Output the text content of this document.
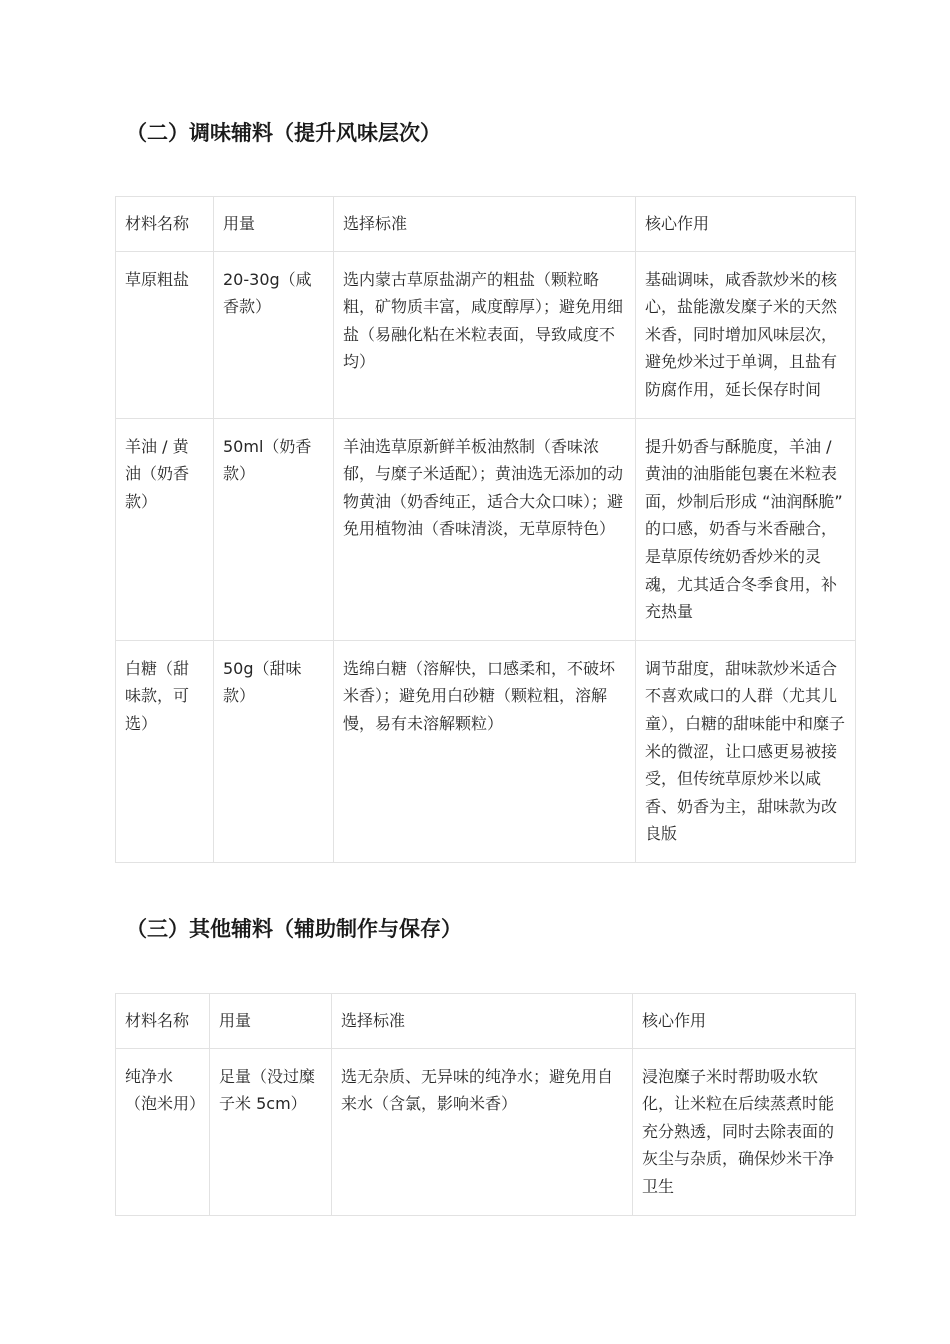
（二）调味辅料（提升风味层次）
材料名称	用量	选择标准	核心作用
草原粗盐	20-30g（咸香款）	选内蒙古草原盐湖产的粗盐（颗粒略粗，矿物质丰富，咸度醇厚）；避免用细盐（易融化粘在米粒表面，导致咸度不均）	基础调味，咸香款炒米的核心，盐能激发糜子米的天然米香，同时增加风味层次，避免炒米过于单调，且盐有防腐作用，延长保存时间
羊油 / 黄油（奶香款）	50ml（奶香款）	羊油选草原新鲜羊板油熬制（香味浓郁，与糜子米适配）；黄油选无添加的动物黄油（奶香纯正，适合大众口味）；避免用植物油（香味清淡，无草原特色）	提升奶香与酥脆度，羊油 / 黄油的油脂能包裹在米粒表面，炒制后形成 “油润酥脆” 的口感，奶香与米香融合，是草原传统奶香炒米的灵魂，尤其适合冬季食用，补充热量
白糖（甜味款，可选）	50g（甜味款）	选绵白糖（溶解快，口感柔和，不破坏米香）；避免用白砂糖（颗粒粗，溶解慢，易有未溶解颗粒）	调节甜度，甜味款炒米适合不喜欢咸口的人群（尤其儿童），白糖的甜味能中和糜子米的微涩，让口感更易被接受，但传统草原炒米以咸香、奶香为主，甜味款为改良版
（三）其他辅料（辅助制作与保存）
材料名称	用量	选择标准	核心作用
纯净水（泡米用）	足量（没过糜子米 5cm）	选无杂质、无异味的纯净水；避免用自来水（含氯，影响米香）	浸泡糜子米时帮助吸水软化，让米粒在后续蒸煮时能充分熟透，同时去除表面的灰尘与杂质，确保炒米干净卫生
